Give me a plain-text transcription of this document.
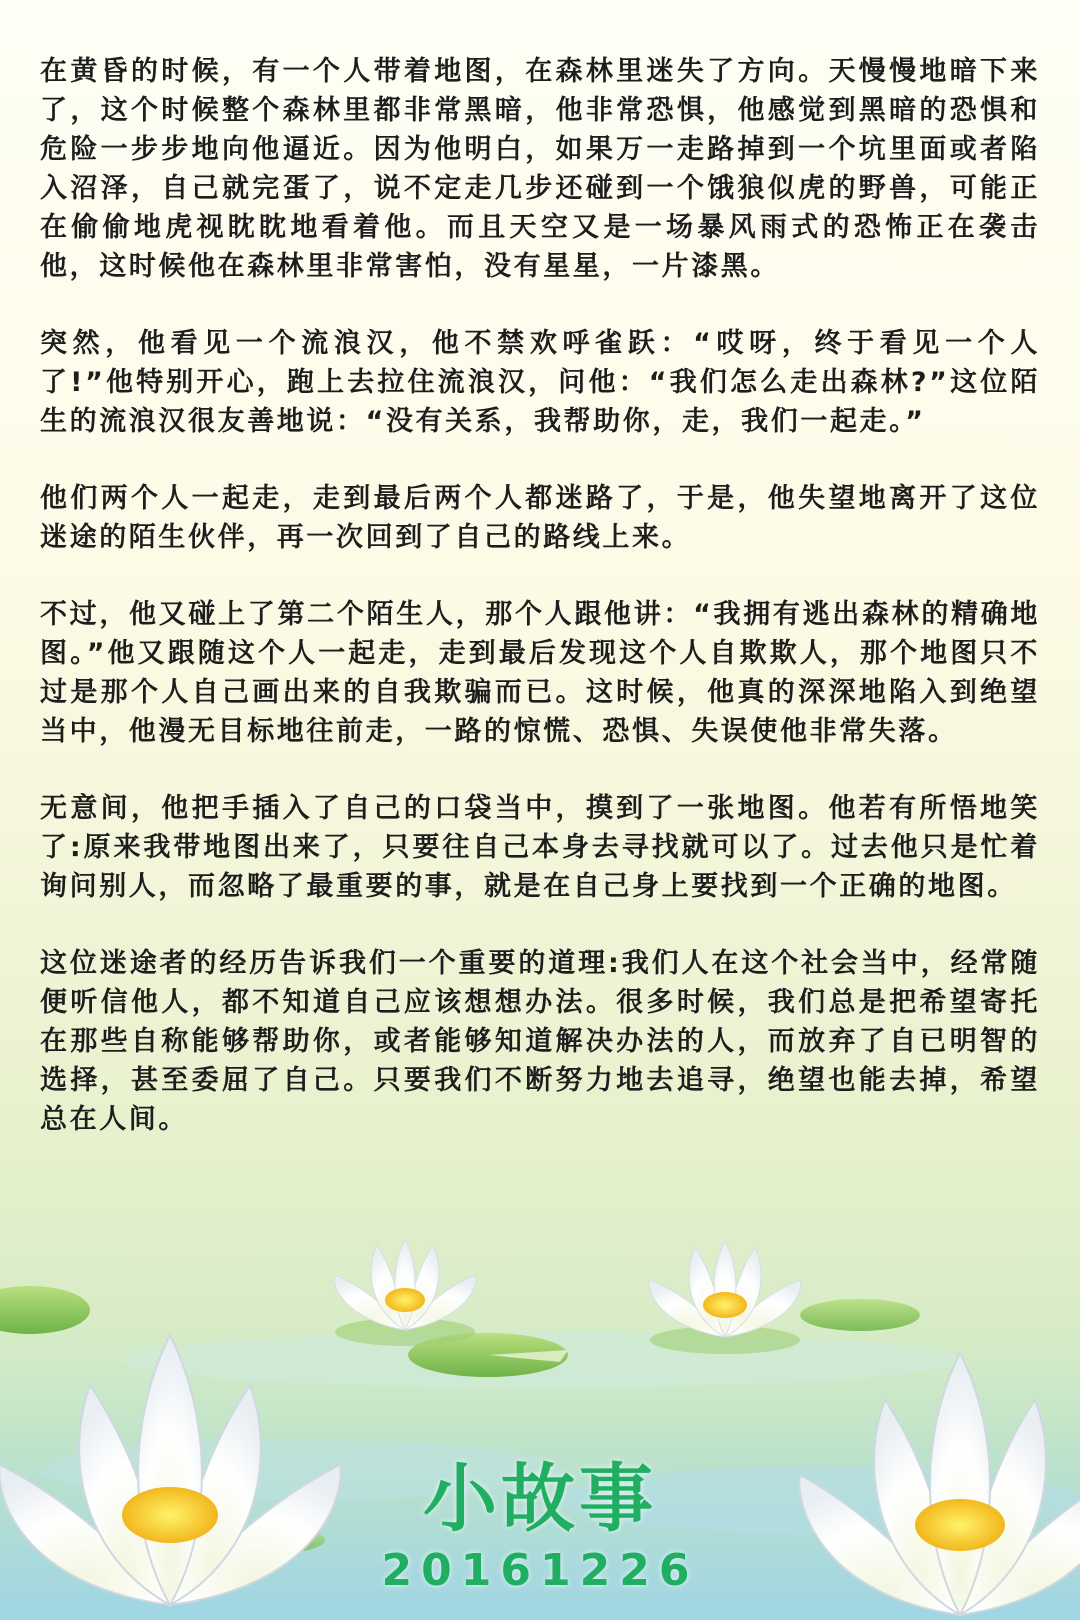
在黄昏的时候，有一个人带着地图，在森林里迷失了方向。天慢慢地暗下来了，这个时候整个森林里都非常黑暗，他非常恐惧，他感觉到黑暗的恐惧和危险一步步地向他逼近。因为他明白，如果万一走路掉到一个坑里面或者陷入沼泽，自己就完蛋了，说不定走几步还碰到一个饿狼似虎的野兽，可能正在偷偷地虎视眈眈地看着他。而且天空又是一场暴风雨式的恐怖正在袭击他，这时候他在森林里非常害怕，没有星星，一片漆黑。

突然，他看见一个流浪汉，他不禁欢呼雀跃：“哎呀，终于看见一个人了!”他特别开心，跑上去拉住流浪汉，问他：“我们怎么走出森林?”这位陌生的流浪汉很友善地说：“没有关系，我帮助你，走，我们一起走。”

他们两个人一起走，走到最后两个人都迷路了，于是，他失望地离开了这位迷途的陌生伙伴，再一次回到了自己的路线上来。

不过，他又碰上了第二个陌生人，那个人跟他讲：“我拥有逃出森林的精确地图。”他又跟随这个人一起走，走到最后发现这个人自欺欺人，那个地图只不过是那个人自己画出来的自我欺骗而已。这时候，他真的深深地陷入到绝望当中，他漫无目标地往前走，一路的惊慌、恐惧、失误使他非常失落。

无意间，他把手插入了自己的口袋当中，摸到了一张地图。他若有所悟地笑了:原来我带地图出来了，只要往自己本身去寻找就可以了。过去他只是忙着询问别人，而忽略了最重要的事，就是在自己身上要找到一个正确的地图。

这位迷途者的经历告诉我们一个重要的道理:我们人在这个社会当中，经常随便听信他人，都不知道自己应该想想办法。很多时候，我们总是把希望寄托在那些自称能够帮助你，或者能够知道解决办法的人，而放弃了自已明智的选择，甚至委屈了自己。只要我们不断努力地去追寻，绝望也能去掉，希望总在人间。

小故事
20161226
